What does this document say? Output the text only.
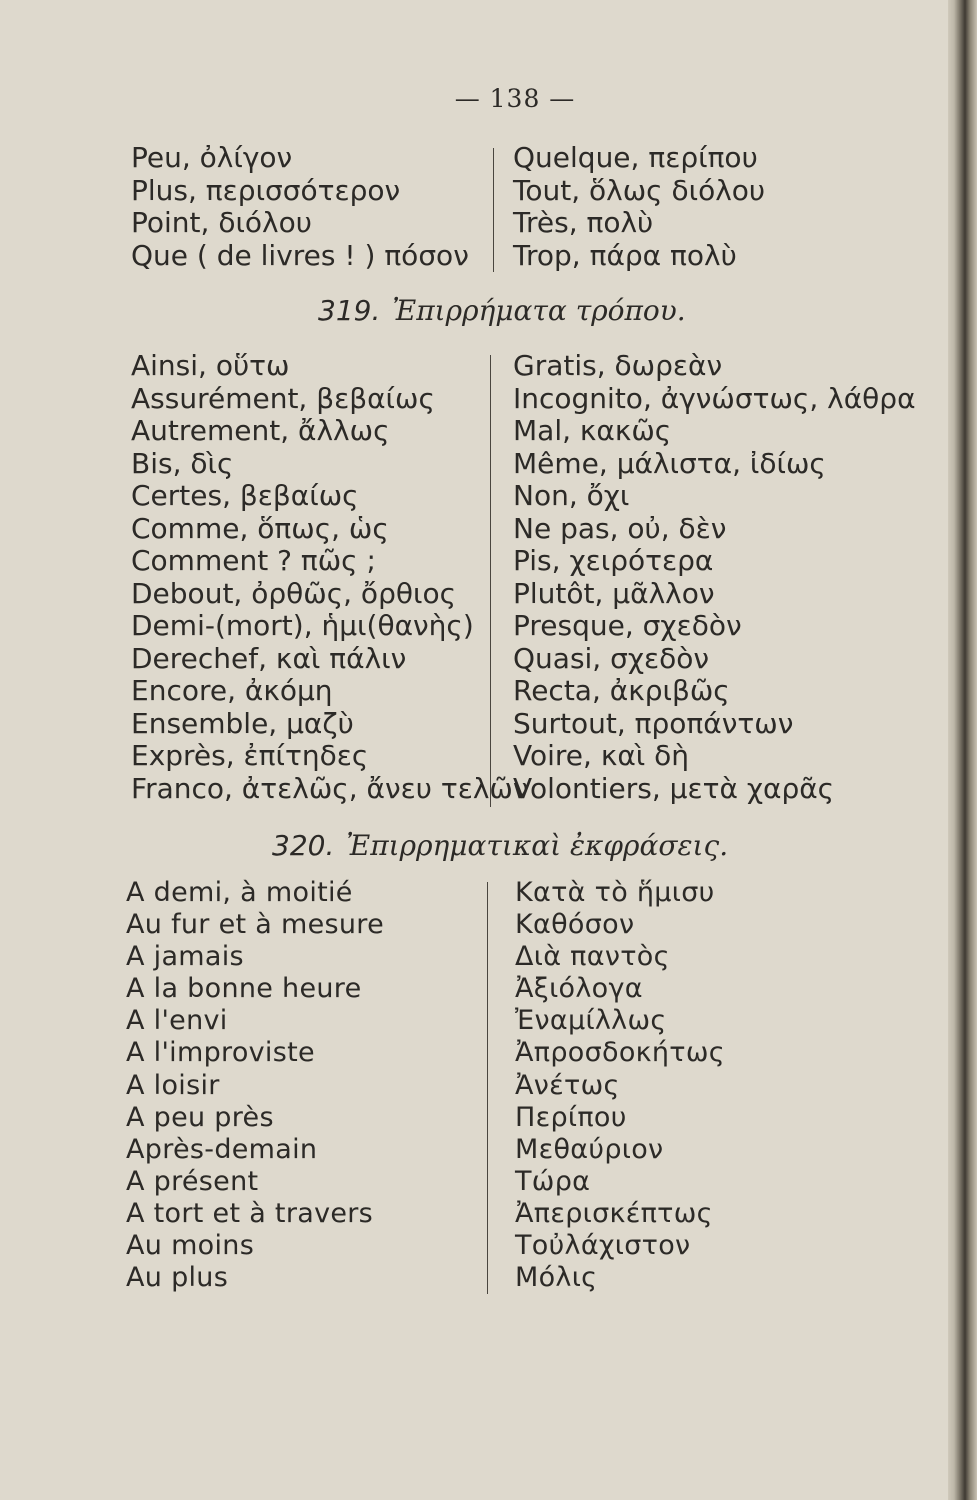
— 138 —
Peu, ὀλίγον
Plus, περισσότερον
Point, διόλου
Que ( de livres ! ) πόσον
Quelque, περίπου
Tout, ὅλως διόλου
Très, πολὺ
Trop, πάρα πολὺ
319. Ἐπιρρήματα τρόπου.
Ainsi, οὕτω
Assurément, βεβαίως
Autrement, ἄλλως
Bis, δὶς
Certes, βεβαίως
Comme, ὅπως, ὡς
Comment ? πῶς ;
Debout, ὀρθῶς, ὄρθιος
Demi-(mort), ἡμι(θανὴς)
Derechef, καὶ πάλιν
Encore, ἀκόμη
Ensemble, μαζὺ
Exprès, ἐπίτηδες
Franco, ἀτελῶς, ἄνευ τελῶν
Gratis, δωρεὰν
Incognito, ἀγνώστως, λάθρα
Mal, κακῶς
Même, μάλιστα, ἰδίως
Non, ὄχι
Ne pas, οὐ, δὲν
Pis, χειρότερα
Plutôt, μᾶλλον
Presque, σχεδὸν
Quasi, σχεδὸν
Recta, ἀκριβῶς
Surtout, προπάντων
Voire, καὶ δὴ
Volontiers, μετὰ χαρᾶς
320. Ἐπιρρηματικαὶ ἐκφράσεις.
A demi, à moitié
Au fur et à mesure
A jamais
A la bonne heure
A l'envi
A l'improviste
A loisir
A peu près
Après-demain
A présent
A tort et à travers
Au moins
Au plus
Κατὰ τὸ ἥμισυ
Καθόσον
Διὰ παντὸς
Ἀξιόλογα
Ἐναμίλλως
Ἀπροσδοκήτως
Ἀνέτως
Περίπου
Μεθαύριον
Τώρα
Ἀπερισκέπτως
Τοὐλάχιστον
Μόλις
